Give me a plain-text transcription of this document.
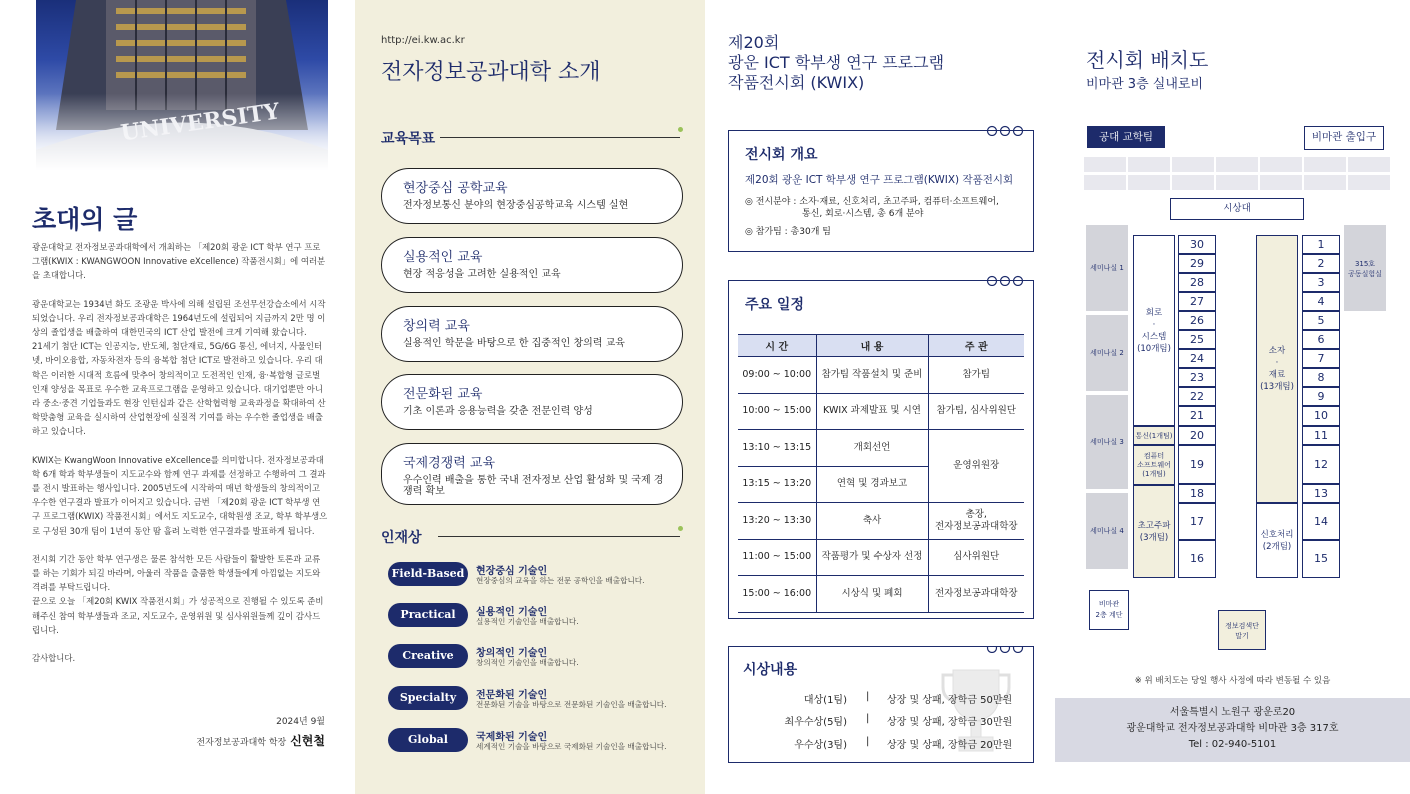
초대의 글

광운대학교 전자정보공과대학에서 개최하는 「제20회 광운 ICT 학부 연구 프로그램(KWIX : KWANGWOON Innovative eXcellence) 작품전시회」에 여러분을 초대합니다.

광운대학교는 1934년 화도 조광운 박사에 의해 설립된 조선무선강습소에서 시작되었습니다. 우리 전자정보공과대학은 1964년도에 설립되어 지금까지 2만 명 이상의 졸업생을 배출하여 대한민국의 ICT 산업 발전에 크게 기여해 왔습니다.

21세기 첨단 ICT는 인공지능, 반도체, 첨단재료, 5G/6G 통신, 에너지, 사물인터넷, 바이오융합, 자동차전자 등의 융복합 첨단 ICT로 발전하고 있습니다. 우리 대학은 이러한 시대적 흐름에 맞추어 창의적이고 도전적인 인재, 융·복합형 글로벌 인재 양성을 목표로 우수한 교육프로그램을 운영하고 있습니다. 대기업뿐만 아니라 중소·중견 기업들과도 현장 인턴십과 같은 산학협력형 교육과정을 확대하여 산학맞춤형 교육을 실시하여 산업현장에 실질적 기여를 하는 우수한 졸업생을 배출하고 있습니다.

KWIX는 KwangWoon Innovative eXcellence를 의미합니다. 전자정보공과대학 6개 학과 학부생들이 지도교수와 함께 연구 과제를 선정하고 수행하여 그 결과를 전시 발표하는 행사입니다. 2005년도에 시작하여 매년 학생들의 창의적이고 우수한 연구결과 발표가 이어지고 있습니다. 금번 「제20회 광운 ICT 학부생 연구 프로그램(KWIX) 작품전시회」에서도 지도교수, 대학원생 조교, 학부 학부생으로 구성된 30개 팀이 1년여 동안 땀 흘려 노력한 연구결과를 발표하게 됩니다.

전시회 기간 동안 학부 연구생은 물론 참석한 모든 사람들이 활발한 토론과 교류를 하는 기회가 되길 바라며, 아울러 작품을 출품한 학생들에게 아낌없는 지도와 격려를 부탁드립니다.

끝으로 오늘 「제20회 KWIX 작품전시회」가 성공적으로 진행될 수 있도록 준비해주신 참여 학부생들과 조교, 지도교수, 운영위원 및 심사위원들께 깊이 감사드립니다.

감사합니다.

2024년 9월
전자정보공과대학 학장 신현철
http://ei.kw.ac.kr
전자정보공과대학 소개
교육목표
현장중심 공학교육
전자정보통신 분야의 현장중심공학교육 시스템 실현
실용적인 교육
현장 적응성을 고려한 실용적인 교육
창의력 교육
실용적인 학문을 바탕으로 한 집중적인 창의력 교육
전문화된 교육
기초 이론과 응용능력을 갖춘 전문인력 양성
국제경쟁력 교육
우수인력 배출을 통한 국내 전자정보 산업 활성화 및 국제 경쟁력 확보
인재상
Field-Based	현장중심 기술인
현장중심의 교육을 하는 전문 공학인을 배출합니다.
Practical	실용적인 기술인
실용적인 기술인을 배출합니다.
Creative	창의적인 기술인
창의적인 기술인을 배출합니다.
Specialty	전문화된 기술인
전문화된 기술을 바탕으로 전문화된 기술인을 배출합니다.
Global	국제화된 기술인
세계적인 기술을 바탕으로 국제화된 기술인을 배출합니다.
제20회
광운 ICT 학부생 연구 프로그램
작품전시회 (KWIX)
전시회 개요
제20회 광운 ICT 학부생 연구 프로그램(KWIX) 작품전시회
◎ 전시분야 : 소자·재료, 신호처리, 초고주파, 컴퓨터·소프트웨어,
통신, 회로·시스템, 총 6개 분야
◎ 참가팀 : 총30개 팀
주요 일정
시 간	내 용	주 관
09:00 ~ 10:00	참가팀 작품설치 및 준비	참가팀
10:00 ~ 15:00	KWIX 과제발표 및 시연	참가팀, 심사위원단
13:10 ~ 13:15	개회선언	운영위원장
13:15 ~ 13:20	연혁 및 경과보고	
13:20 ~ 13:30	축사	총장,
전자정보공과대학장

11:00 ~ 15:00	작품평가 및 수상자 선정	심사위원단
15:00 ~ 16:00	시상식 및 폐회	전자정보공과대학장
시상내용
대상(1팀) | 상장 및 상패, 장학금 50만원
최우수상(5팀) | 상장 및 상패, 장학금 30만원
우수상(3팀) | 상장 및 상패, 장학금 20만원
전시회 배치도
비마관 3층 실내로비
공대 교학팀	비마관 출입구
시상대
세미나실 1
세미나실 2
세미나실 3
세미나실 4
315호
공동실험실
회로
·
시스템
(10개팀)
통신(1개팀)
컴퓨터
소프트웨어
(1개팀)
초고주파
(3개팀)
소자
·
재료
(13개팀)
신호처리
(2개팀)
30
29
28
27
26
25
24
23
22
21
20
19
18
17
16
1
2
3
4
5
6
7
8
9
10
11
12
13
14
15
비마관
2층 계단
정보검색단
말기
※ 위 배치도는 당일 행사 사정에 따라 변동될 수 있음
서울특별시 노원구 광운로20
광운대학교 전자정보공과대학 비마관 3층 317호
Tel : 02-940-5101
